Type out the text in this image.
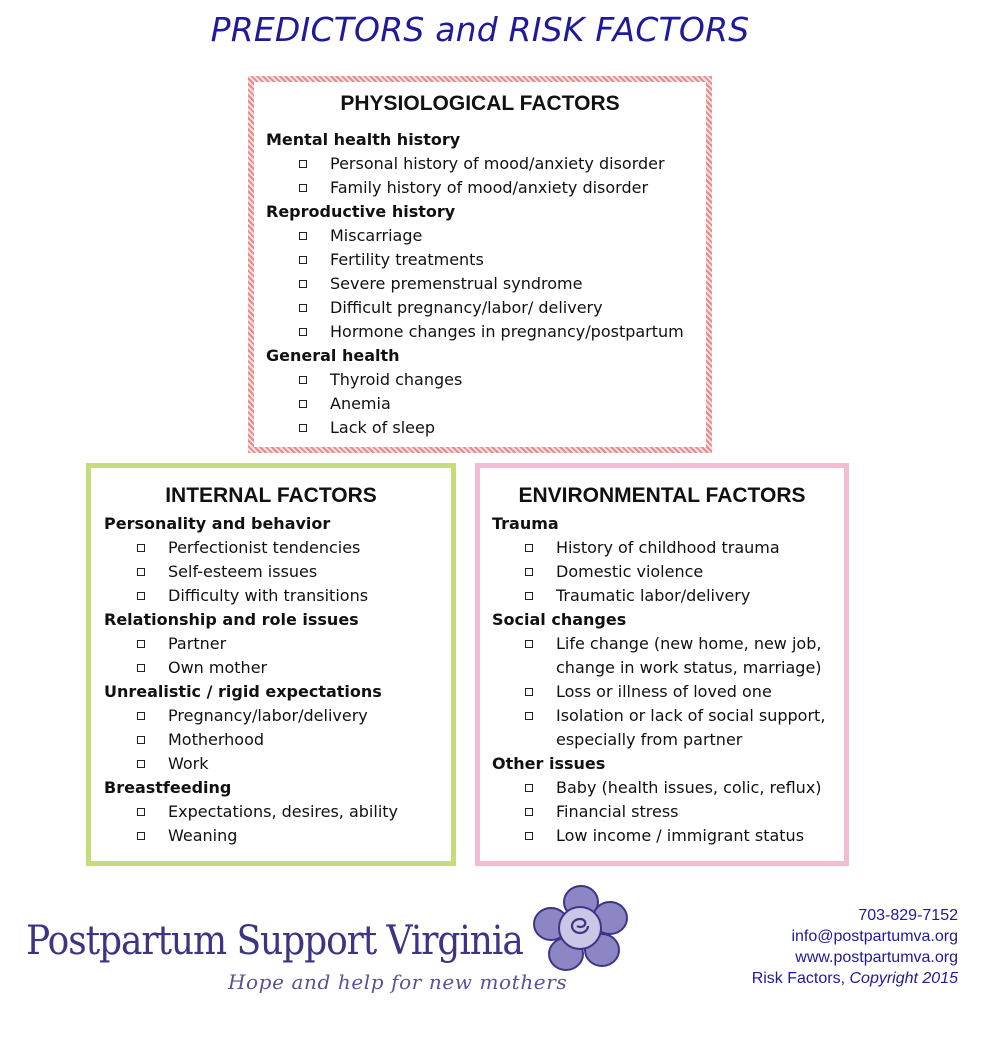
PREDICTORS and RISK FACTORS
PHYSIOLOGICAL FACTORS
Mental health history
Personal history of mood/anxiety disorder
Family history of mood/anxiety disorder
Reproductive history
Miscarriage
Fertility treatments
Severe premenstrual syndrome
Difficult pregnancy/labor/ delivery
Hormone changes in pregnancy/postpartum
General health
Thyroid changes
Anemia
Lack of sleep
INTERNAL FACTORS
Personality and behavior
Perfectionist tendencies
Self-esteem issues
Difficulty with transitions
Relationship and role issues
Partner
Own mother
Unrealistic / rigid expectations
Pregnancy/labor/delivery
Motherhood
Work
Breastfeeding
Expectations, desires, ability
Weaning
ENVIRONMENTAL FACTORS
Trauma
History of childhood trauma
Domestic violence
Traumatic labor/delivery
Social changes
Life change (new home, new job,
change in work status, marriage)
Loss or illness of loved one
Isolation or lack of social support,
especially from partner
Other issues
Baby (health issues, colic, reflux)
Financial stress
Low income / immigrant status
Postpartum Support Virginia
Hope and help for new mothers
703-829-7152
info@postpartumva.org
www.postpartumva.org
Risk Factors, Copyright 2015
